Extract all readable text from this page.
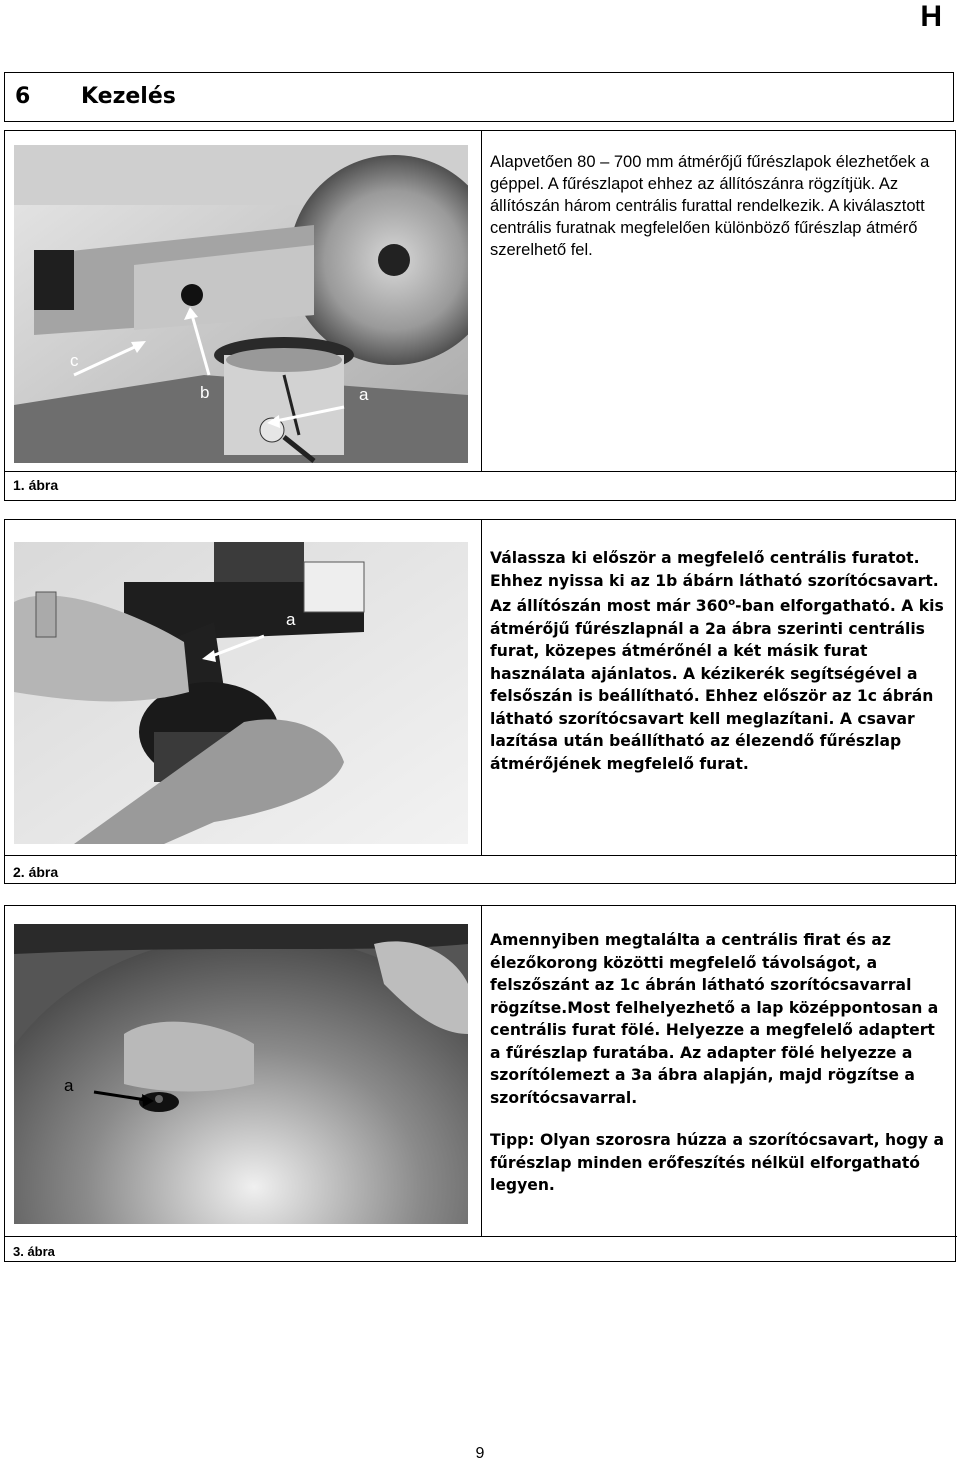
H
6 Kezelés
c
b	a
Alapvetően 80 – 700 mm átmérőjű fűrészlapok élezhetőek a géppel. A fűrészlapot ehhez az állítószánra rögzítjük. Az állítószán három centrális furattal rendelkezik. A kiválasztott centrális furatnak megfelelően különböző fűrészlap átmérő szerelhető fel.
1. ábra
a
Válassza ki először a megfelelő centrális furatot. Ehhez nyissa ki az 1b ábárn látható szorítócsavart. Az állítószán most már 360$^o$-ban elforgatható. A kis átmérőjű fűrészlapnál a 2a ábra szerinti centrális furat, közepes átmérőnél a két másik furat használata ajánlatos. A kézikerék segítségével a felsőszán is beállítható. Ehhez először az 1c ábrán látható szorítócsavart kell meglazítani. A csavar lazítása után beállítható az élezendő fűrészlap átmérőjének megfelelő furat.
2. ábra
a
Amennyiben megtalálta a centrális firat és az élezőkorong közötti megfelelő távolságot, a felszőszánt az 1c ábrán látható szorítócsavarral rögzítse.Most felhelyezhető a lap középpontosan a centrális furat fölé. Helyezze a megfelelő adaptert a fűrészlap furatába. Az adapter fölé helyezze a szorítólemezt a 3a ábra alapján, majd rögzítse a szorítócsavarral.
Tipp: Olyan szorosra húzza a szorítócsavart, hogy a fűrészlap minden erőfeszítés nélkül elforgatható legyen.
3. ábra
9
